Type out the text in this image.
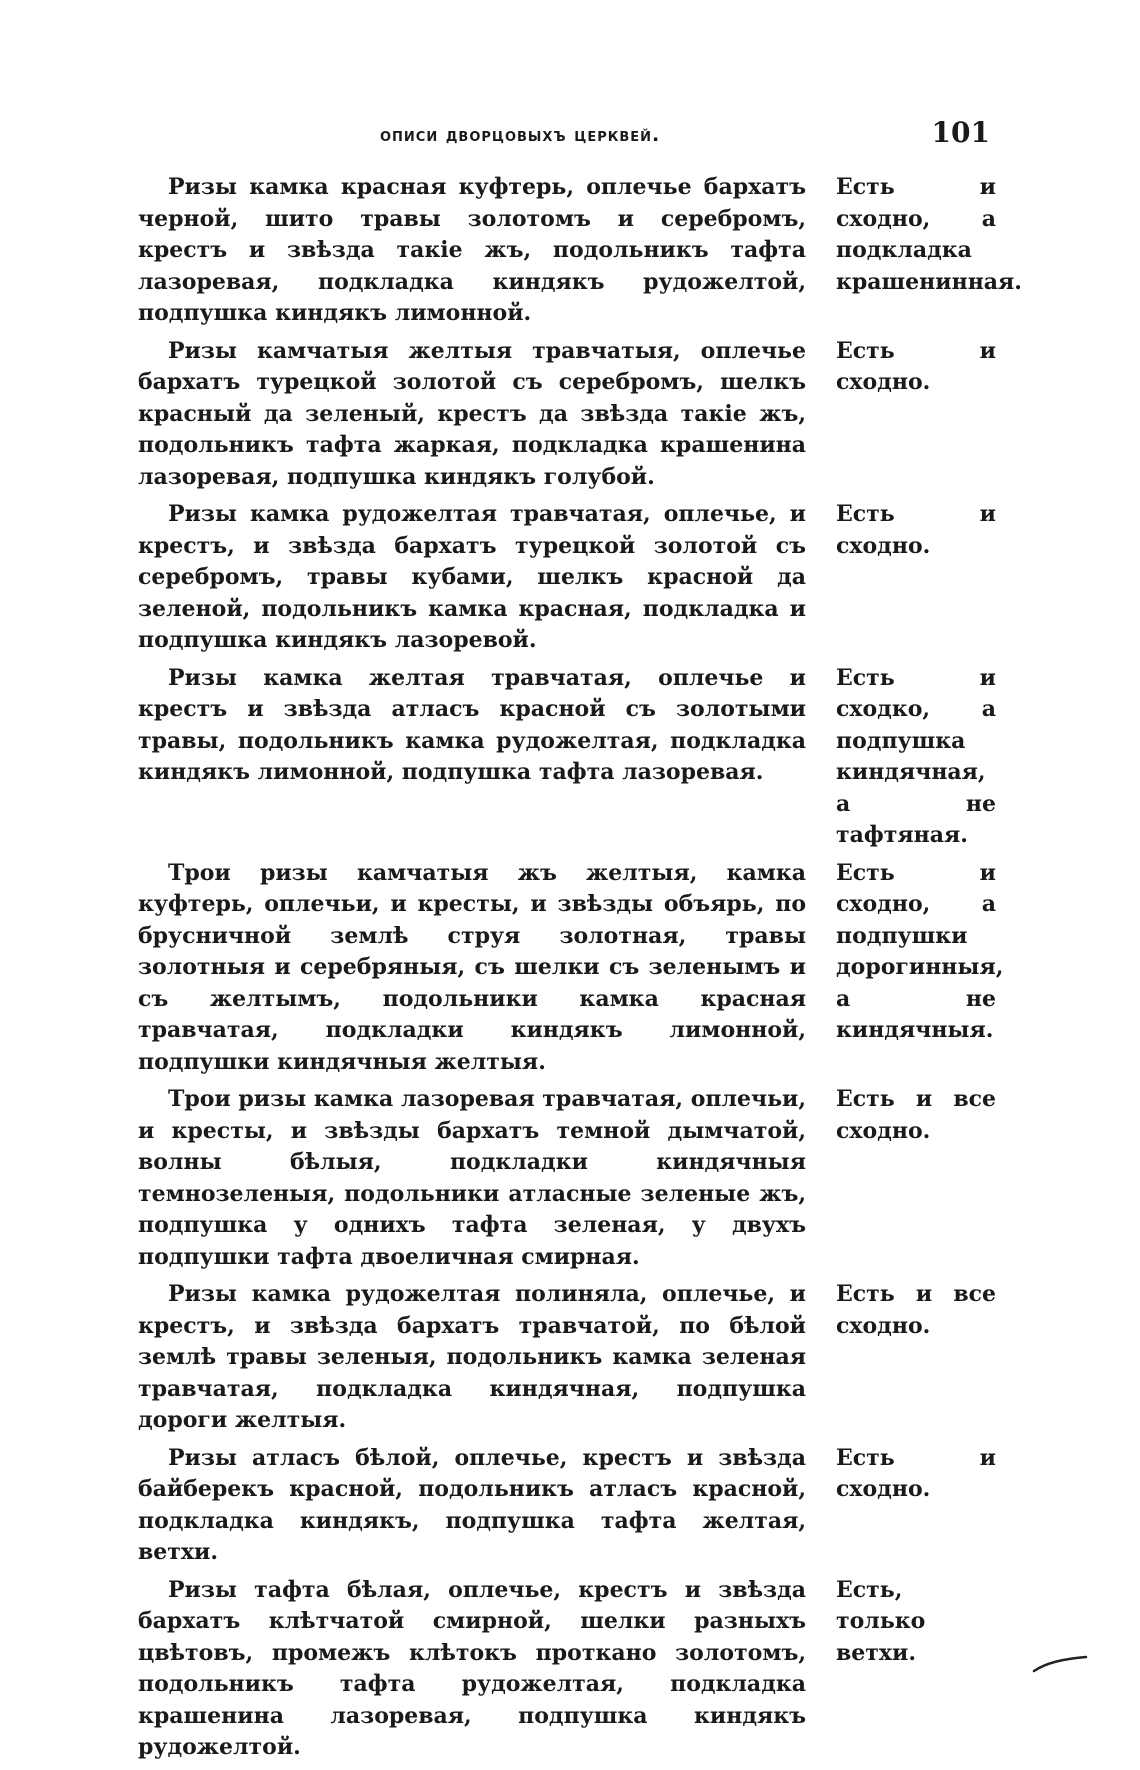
описи дворцовыхъ церквей.	101
Ризы камка красная куфтерь, оплечье бархатъ черной, шито травы золотомъ и серебромъ, крестъ и звѣзда такіе жъ, подольникъ тафта лазоревая, подкладка киндякъ рудожелтой, подпушка киндякъ лимонной.
Есть и сходно, а подкладка крашенинная.
Ризы камчатыя желтыя травчатыя, оплечье бархатъ турецкой золотой съ серебромъ, шелкъ красный да зеленый, крестъ да звѣзда такіе жъ, подольникъ тафта жаркая, подкладка крашенина лазоревая, подпушка киндякъ голубой.
Есть и сходно.
Ризы камка рудожелтая травчатая, оплечье, и крестъ, и звѣзда бархатъ турецкой золотой съ серебромъ, травы кубами, шелкъ красной да зеленой, подольникъ камка красная, подкладка и подпушка киндякъ лазоревой.
Есть и сходно.
Ризы камка желтая травчатая, оплечье и крестъ и звѣзда атласъ красной съ золотыми травы, подольникъ камка рудожелтая, подкладка киндякъ лимонной, подпушка тафта лазоревая.
Есть и сходко, а подпушка киндячная, а не тафтяная.
Трои ризы камчатыя жъ желтыя, камка куфтерь, оплечьи, и кресты, и звѣзды объярь, по брусничной землѣ струя золотная, травы золотныя и серебряныя, съ шелки съ зеленымъ и съ желтымъ, подольники камка красная травчатая, подкладки киндякъ лимонной, подпушки киндячныя желтыя.
Есть и сходно, а подпушки дорогинныя, а не киндячныя.
Трои ризы камка лазоревая травчатая, оплечьи, и кресты, и звѣзды бархатъ темной дымчатой, волны бѣлыя, подкладки киндячныя темнозеленыя, подольники атласные зеленые жъ, подпушка у однихъ тафта зеленая, у двухъ подпушки тафта двоеличная смирная.
Есть и все сходно.
Ризы камка рудожелтая полиняла, оплечье, и крестъ, и звѣзда бархатъ травчатой, по бѣлой землѣ травы зеленыя, подольникъ камка зеленая травчатая, подкладка киндячная, подпушка дороги желтыя.
Есть и все сходно.
Ризы атласъ бѣлой, оплечье, крестъ и звѣзда байберекъ красной, подольникъ атласъ красной, подкладка киндякъ, подпушка тафта желтая, ветхи.
Есть и сходно.
Ризы тафта бѣлая, оплечье, крестъ и звѣзда бархатъ клѣтчатой смирной, шелки разныхъ цвѣтовъ, промежъ клѣтокъ проткано золотомъ, подольникъ тафта рудожелтая, подкладка крашенина лазоревая, подпушка киндякъ рудожелтой.
Есть, только ветхи.
